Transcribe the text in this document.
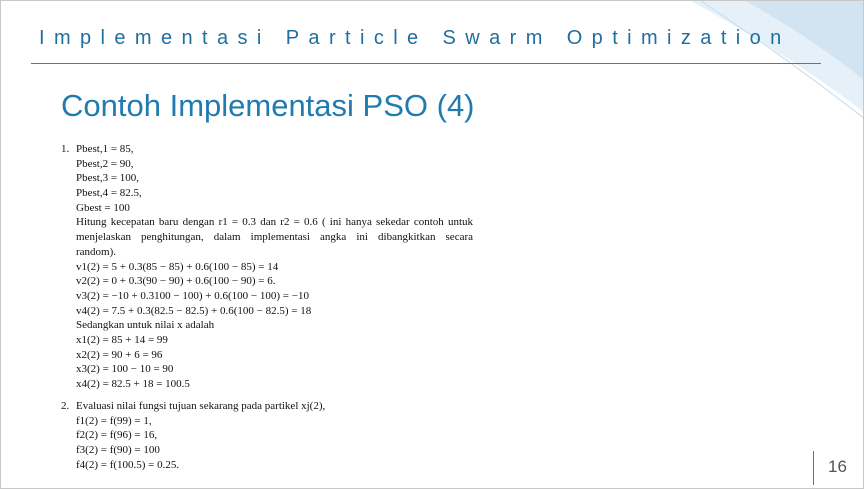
Implementasi Particle Swarm Optimization
Contoh Implementasi PSO (4)
1. Pbest,1 = 85,
Pbest,2 = 90,
Pbest,3 = 100,
Pbest,4 = 82.5,
Gbest = 100
Hitung kecepatan baru dengan r1 = 0.3 dan r2 = 0.6 ( ini hanya sekedar contoh untuk
menjelaskan penghitungan, dalam implementasi angka ini dibangkitkan secara
random).
v1(2) = 5 + 0.3(85 − 85) + 0.6(100 − 85) = 14
v2(2) = 0 + 0.3(90 − 90) + 0.6(100 − 90) = 6.
v3(2) = −10 + 0.3100 − 100) + 0.6(100 − 100) = −10
v4(2) = 7.5 + 0.3(82.5 − 82.5) + 0.6(100 − 82.5) = 18
Sedangkan untuk nilai x adalah
x1(2) = 85 + 14 = 99
x2(2) = 90 + 6 = 96
x3(2) = 100 − 10 = 90
x4(2) = 82.5 + 18 = 100.5
2. Evaluasi nilai fungsi tujuan sekarang pada partikel xj(2),
f1(2) = f(99) = 1,
f2(2) = f(96) = 16,
f3(2) = f(90) = 100
f4(2) = f(100.5) = 0.25.	16
